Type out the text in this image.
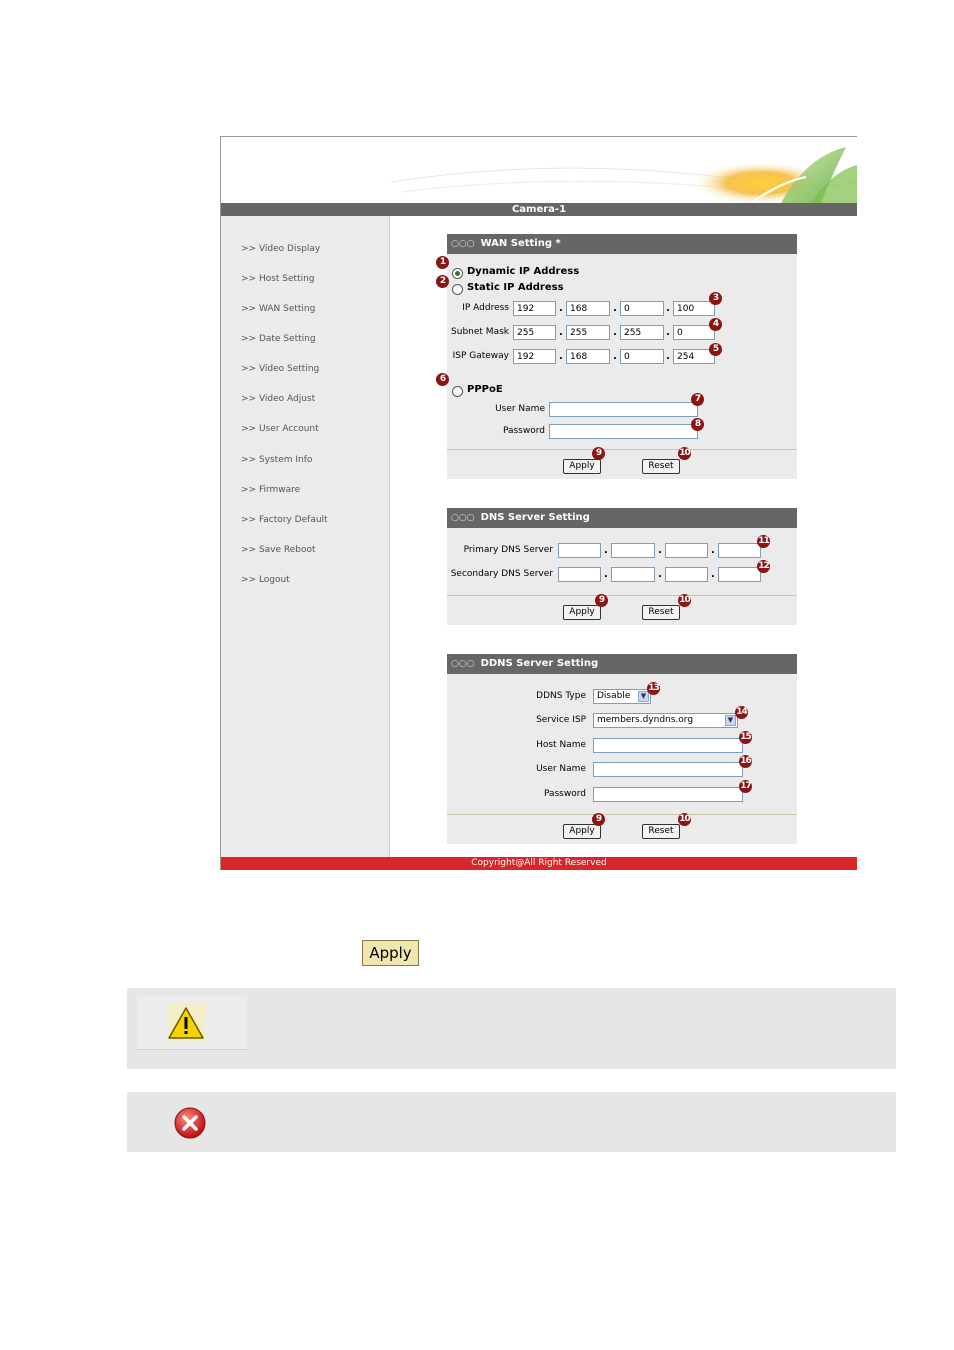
Camera-1
>> Video Display
>> Host Setting
>> WAN Setting
>> Date Setting
>> Video Setting
>> Video Adjust
>> User Account
>> System Info
>> Firmware
>> Factory Default
>> Save Reboot
>> Logout
○○○ WAN Setting *
Dynamic IP Address
Static IP Address
IP Address 192	. 168	. 0	. 100
Subnet Mask 255	. 255	. 255	. 0
ISP Gateway 192	. 168	. 0	. 254
PPPoE
User Name
Password
Apply	Reset
1
2
3
4
5
6
7
8
9	10
○○○ DNS Server Setting
Primary DNS Server	.	.	.
Secondary DNS Server	.	.	.
Apply	Reset
11
12
9	10
○○○ DDNS Server Setting
DDNS Type	Disable	▼
Service ISP	members.dyndns.org	▼
Host Name
User Name
Password
Apply	Reset
13
14
15
16
17
9	10
Copyright@All Right Reserved
Apply
